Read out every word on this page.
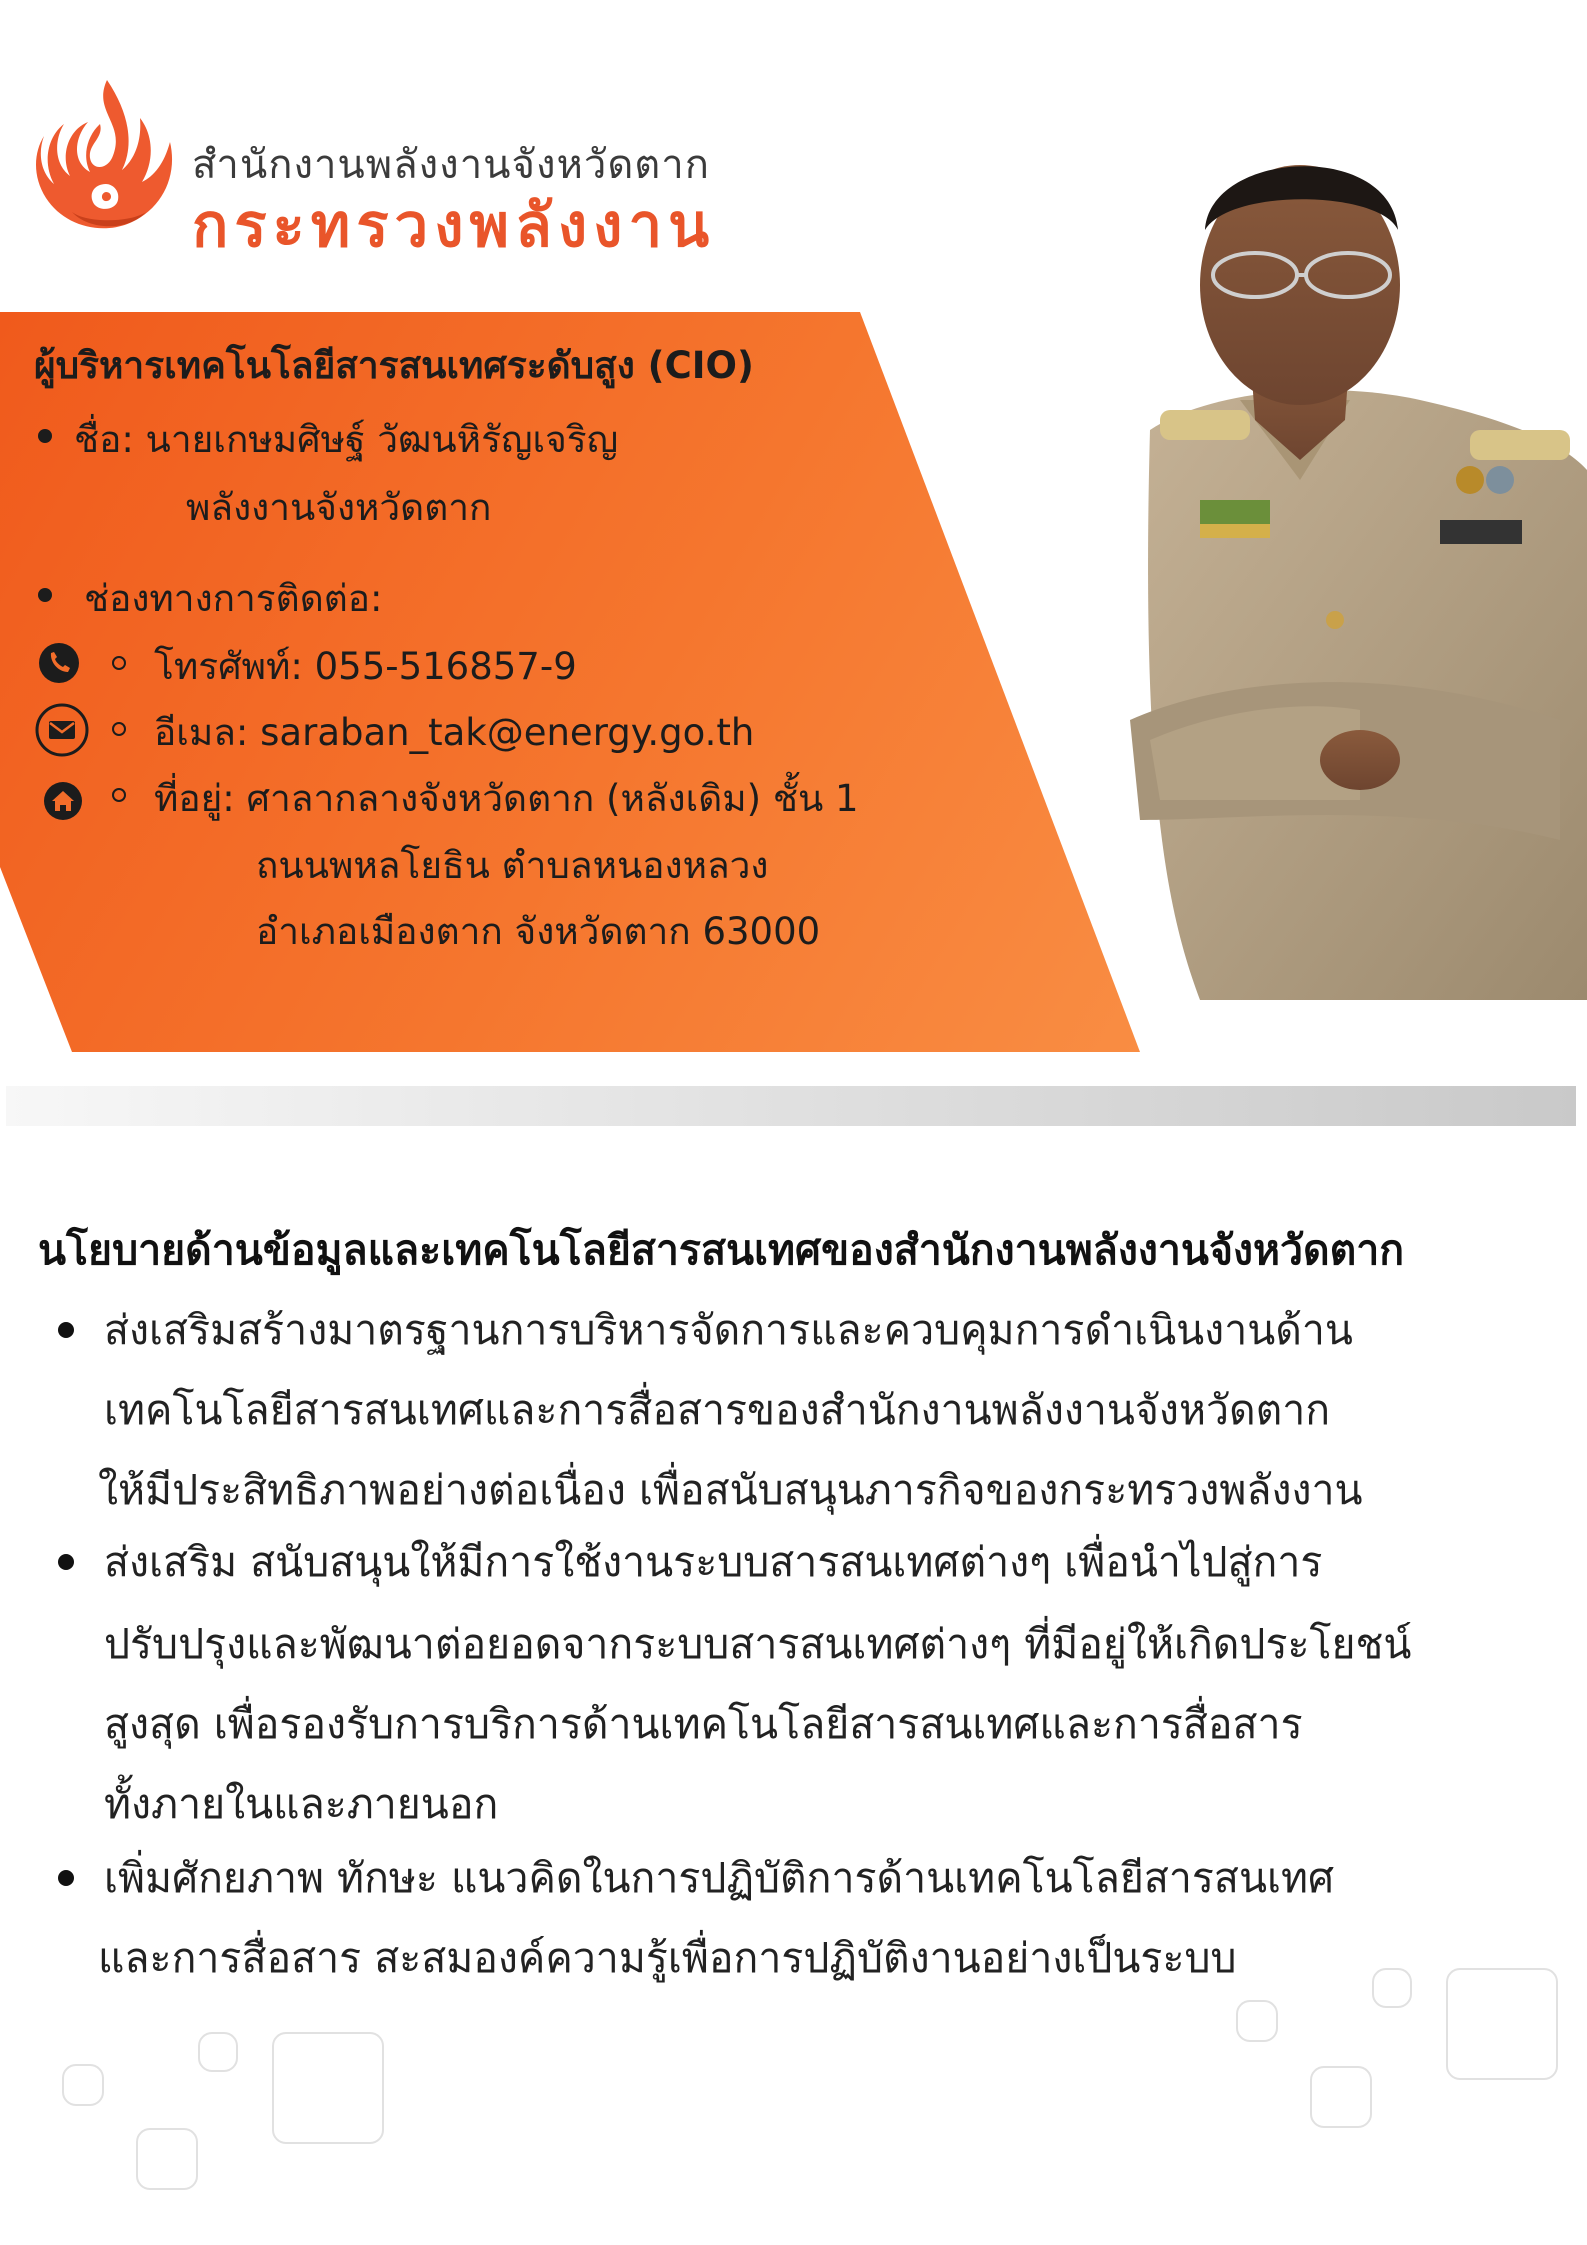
สำนักงานพลังงานจังหวัดตาก
กระทรวงพลังงาน
ผู้บริหารเทคโนโลยีสารสนเทศระดับสูง (CIO)
ชื่อ: นายเกษมศิษฐ์ วัฒนหิรัญเจริญ
พลังงานจังหวัดตาก
ช่องทางการติดต่อ:
โทรศัพท์: 055-516857-9
อีเมล: saraban_tak@energy.go.th
ที่อยู่: ศาลากลางจังหวัดตาก (หลังเดิม) ชั้น 1
ถนนพหลโยธิน ตำบลหนองหลวง
อำเภอเมืองตาก จังหวัดตาก 63000
นโยบายด้านข้อมูลและเทคโนโลยีสารสนเทศของสำนักงานพลังงานจังหวัดตาก
ส่งเสริมสร้างมาตรฐานการบริหารจัดการและควบคุมการดำเนินงานด้าน
เทคโนโลยีสารสนเทศและการสื่อสารของสำนักงานพลังงานจังหวัดตาก
ให้มีประสิทธิภาพอย่างต่อเนื่อง เพื่อสนับสนุนภารกิจของกระทรวงพลังงาน
ส่งเสริม สนับสนุนให้มีการใช้งานระบบสารสนเทศต่างๆ เพื่อนำไปสู่การ
ปรับปรุงและพัฒนาต่อยอดจากระบบสารสนเทศต่างๆ ที่มีอยู่ให้เกิดประโยชน์
สูงสุด เพื่อรองรับการบริการด้านเทคโนโลยีสารสนเทศและการสื่อสาร
ทั้งภายในและภายนอก
เพิ่มศักยภาพ ทักษะ แนวคิดในการปฏิบัติการด้านเทคโนโลยีสารสนเทศ
และการสื่อสาร สะสมองค์ความรู้เพื่อการปฏิบัติงานอย่างเป็นระบบ
